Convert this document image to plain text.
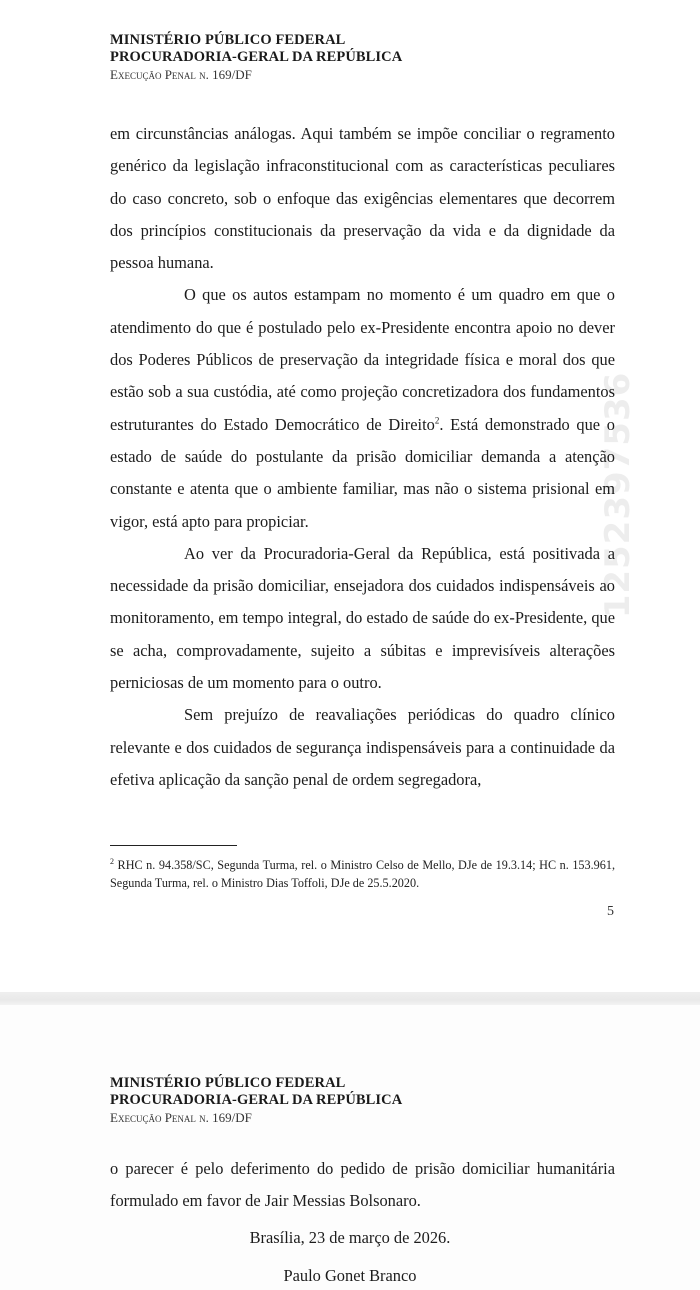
MINISTÉRIO PÚBLICO FEDERAL
PROCURADORIA-GERAL DA REPÚBLICA
Execução Penal n. 169/DF

em circunstâncias análogas. Aqui também se impõe conciliar o regramento genérico da legislação infraconstitucional com as características peculiares do caso concreto, sob o enfoque das exigências elementares que decorrem dos princípios constitucionais da preservação da vida e da dignidade da pessoa humana.

O que os autos estampam no momento é um quadro em que o atendimento do que é postulado pelo ex-Presidente encontra apoio no dever dos Poderes Públicos de preservação da integridade física e moral dos que estão sob a sua custódia, até como projeção concretizadora dos fundamentos estruturantes do Estado Democrático de Direito$^2$. Está demonstrado que o estado de saúde do postulante da prisão domiciliar demanda a atenção constante e atenta que o ambiente familiar, mas não o sistema prisional em vigor, está apto para propiciar.

Ao ver da Procuradoria-Geral da República, está positivada a necessidade da prisão domiciliar, ensejadora dos cuidados indispensáveis ao monitoramento, em tempo integral, do estado de saúde do ex-Presidente, que se acha, comprovadamente, sujeito a súbitas e imprevisíveis alterações perniciosas de um momento para o outro.

Sem prejuízo de reavaliações periódicas do quadro clínico relevante e dos cuidados de segurança indispensáveis para a continuidade da efetiva aplicação da sanção penal de ordem segregadora,

1252397536
$^2$ RHC n. 94.358/SC, Segunda Turma, rel. o Ministro Celso de Mello, DJe de 19.3.14; HC n. 153.961, Segunda Turma, rel. o Ministro Dias Toffoli, DJe de 25.5.2020.
5
MINISTÉRIO PÚBLICO FEDERAL
PROCURADORIA-GERAL DA REPÚBLICA
Execução Penal n. 169/DF

o parecer é pelo deferimento do pedido de prisão domiciliar humanitária formulado em favor de Jair Messias Bolsonaro.

Brasília, 23 de março de 2026.
Paulo Gonet Branco
